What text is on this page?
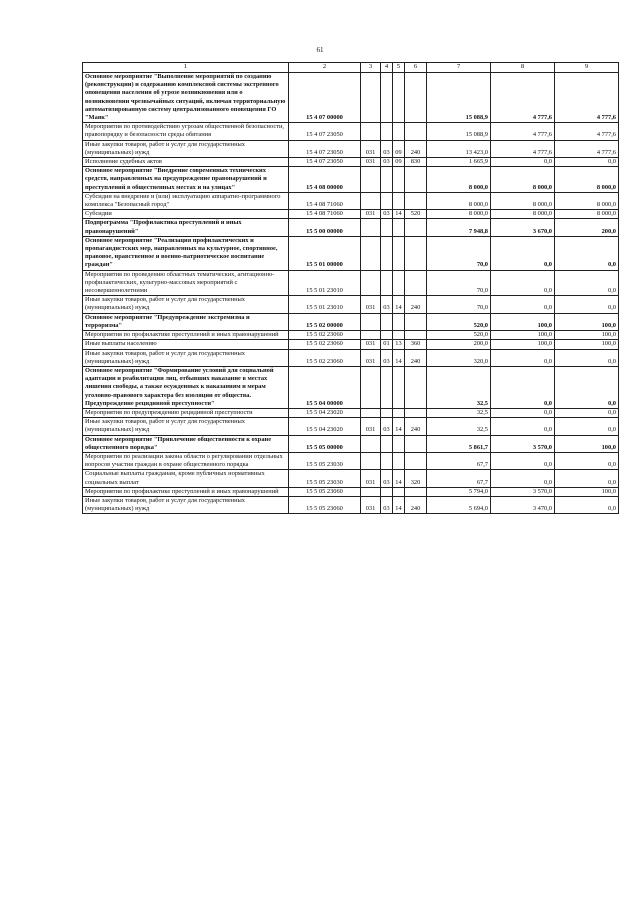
61
1	2	3	4	5	6	7	8	9
Основное мероприятие "Выполнение мероприятий по созданию (реконструкции) и содержанию комплексной системы экстренного оповещения населения об угрозе возникновения или о возникновении чрезвычайных ситуаций, включая территориальную автоматизированную систему централизованного оповещения ГО "Маяк"	15 4 07 00000					15 088,9	4 777,6	4 777,6
Мероприятия по противодействию угрозам общественной безопасности, правопорядку и безопасности среды обитания	15 4 07 23050					15 088,9	4 777,6	4 777,6
Иные закупки товаров, работ и услуг для государственных (муниципальных) нужд	15 4 07 23050	031	03	09	240	13 423,0	4 777,6	4 777,6
Исполнение судебных актов	15 4 07 23050	031	03	09	830	1 665,9	0,0	0,0
Основное мероприятие "Внедрение современных технических средств, направленных на предупреждение правонарушений и преступлений в общественных местах и на улицах"	15 4 08 00000					8 000,0	8 000,0	8 000,0
Субсидии на внедрение и (или) эксплуатацию аппаратно-программного комплекса "Безопасный город"	15 4 08 71060					8 000,0	8 000,0	8 000,0
Субсидии	15 4 08 71060	031	03	14	520	8 000,0	8 000,0	8 000,0
Подпрограмма "Профилактика преступлений и иных правонарушений"	15 5 00 00000					7 948,8	3 670,0	200,0
Основное мероприятие "Реализация профилактических и пропагандистских мер, направленных на культурное, спортивное, правовое, нравственное и военно-патриотическое воспитание граждан"	15 5 01 00000					70,0	0,0	0,0
Мероприятия по проведению областных тематических, агитационно-профилактических, культурно-массовых мероприятий с несовершеннолетними	15 5 01 23010					70,0	0,0	0,0
Иные закупки товаров, работ и услуг для государственных (муниципальных) нужд	15 5 01 23010	031	03	14	240	70,0	0,0	0,0
Основное мероприятие "Предупреждение экстремизма и терроризма"	15 5 02 00000					520,0	100,0	100,0
Мероприятия по профилактике преступлений и иных правонарушений	15 5 02 23060					520,0	100,0	100,0
Иные выплаты населению	15 5 02 23060	031	01	13	360	200,0	100,0	100,0
Иные закупки товаров, работ и услуг для государственных (муниципальных) нужд	15 5 02 23060	031	03	14	240	320,0	0,0	0,0
Основное мероприятие "Формирование условий для социальной адаптации и реабилитации лиц, отбывших наказание в местах лишения свободы, а также осужденных к наказаниям и мерам уголовно-правового характера без изоляции от общества. Предупреждение рецидивной преступности"	15 5 04 00000					32,5	0,0	0,0
Мероприятия по предупреждению рецидивной преступности	15 5 04 23020					32,5	0,0	0,0
Иные закупки товаров, работ и услуг для государственных (муниципальных) нужд	15 5 04 23020	031	03	14	240	32,5	0,0	0,0
Основное мероприятие "Привлечение общественности к охране общественного порядка"	15 5 05 00000					5 861,7	3 570,0	100,0
Мероприятия по реализации закона области о регулировании отдельных вопросов участия граждан в охране общественного порядка	15 5 05 23030					67,7	0,0	0,0
Социальные выплаты гражданам, кроме публичных нормативных социальных выплат	15 5 05 23030	031	03	14	320	67,7	0,0	0,0
Мероприятия по профилактике преступлений и иных правонарушений	15 5 05 23060					5 794,0	3 570,0	100,0
Иные закупки товаров, работ и услуг для государственных (муниципальных) нужд	15 5 05 23060	031	03	14	240	5 694,0	3 470,0	0,0
